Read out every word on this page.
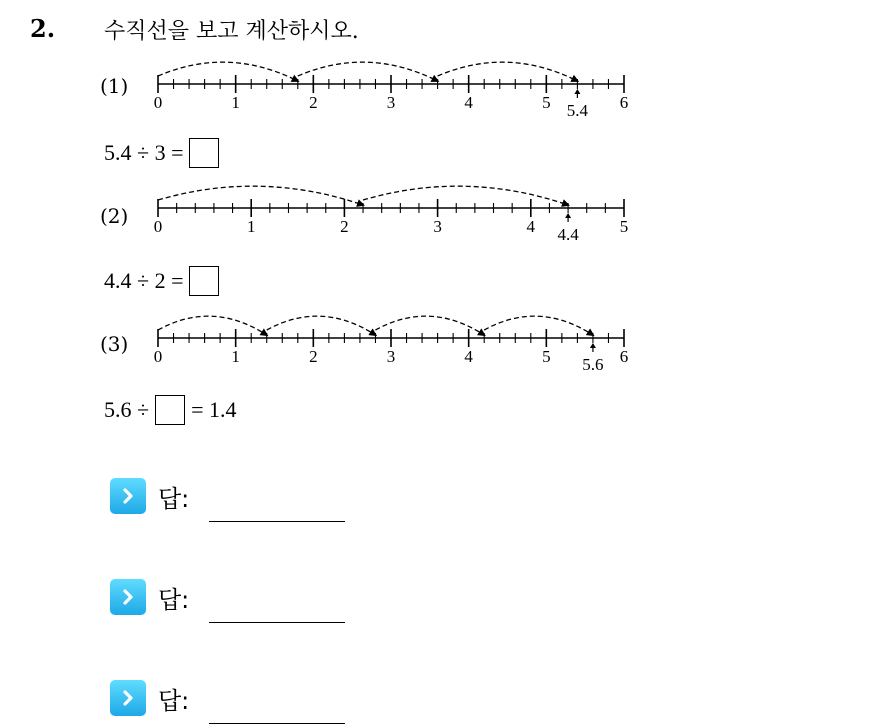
2. 수직선을 보고 계산하시오.
(1)
0	1	2	3	4	5	6
5.4
5.4 ÷ 3 =
(2) 0	1	2	3	4	5
4.4
4.4 ÷ 2 =
(3)
0	1	2	3	4	5	6
5.6
5.6 ÷ = 1.4
답:
답:
답:
